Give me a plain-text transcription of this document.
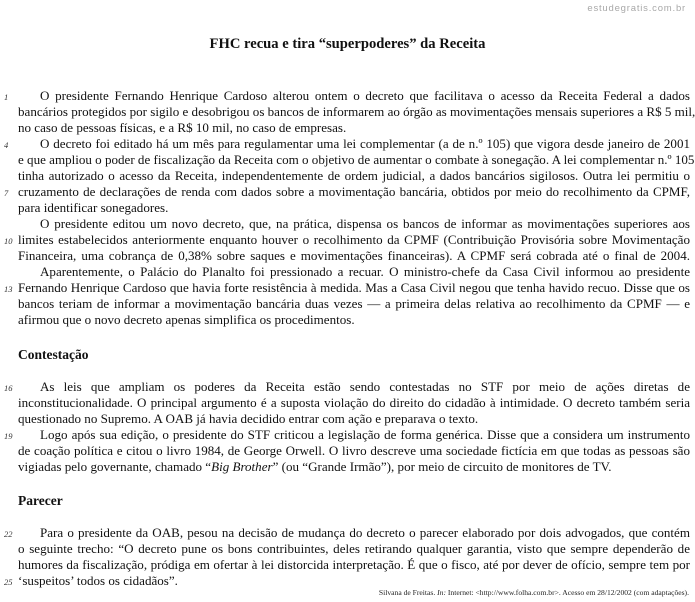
estudegratis.com.br
FHC recua e tira “superpoderes” da Receita
O presidente Fernando Henrique Cardoso alterou ontem o decreto que facilitava o acesso da Receita Federal a dados
bancários protegidos por sigilo e desobrigou os bancos de informarem ao órgão as movimentações mensais superiores a R$ 5 mil,
no caso de pessoas físicas, e a R$ 10 mil, no caso de empresas.
O decreto foi editado há um mês para regulamentar uma lei complementar (a de n.º 105) que vigora desde janeiro de 2001
e que ampliou o poder de fiscalização da Receita com o objetivo de aumentar o combate à sonegação. A lei complementar n.º 105
tinha autorizado o acesso da Receita, independentemente de ordem judicial, a dados bancários sigilosos. Outra lei permitiu o
cruzamento de declarações de renda com dados sobre a movimentação bancária, obtidos por meio do recolhimento da CPMF,
para identificar sonegadores.
O presidente editou um novo decreto, que, na prática, dispensa os bancos de informar as movimentações superiores aos
limites estabelecidos anteriormente enquanto houver o recolhimento da CPMF (Contribuição Provisória sobre Movimentação
Financeira, uma cobrança de 0,38% sobre saques e movimentações financeiras). A CPMF será cobrada até o final de 2004.
Aparentemente, o Palácio do Planalto foi pressionado a recuar. O ministro-chefe da Casa Civil informou ao presidente
Fernando Henrique Cardoso que havia forte resistência à medida. Mas a Casa Civil negou que tenha havido recuo. Disse que os
bancos teriam de informar a movimentação bancária duas vezes — a primeira delas relativa ao recolhimento da CPMF — e
afirmou que o novo decreto apenas simplifica os procedimentos.
Contestação
As leis que ampliam os poderes da Receita estão sendo contestadas no STF por meio de ações diretas de
inconstitucionalidade. O principal argumento é a suposta violação do direito do cidadão à intimidade. O decreto também seria
questionado no Supremo. A OAB já havia decidido entrar com ação e preparava o texto.
Logo após sua edição, o presidente do STF criticou a legislação de forma genérica. Disse que a considera um instrumento
de coação política e citou o livro 1984, de George Orwell. O livro descreve uma sociedade fictícia em que todas as pessoas são
vigiadas pelo governante, chamado “Big Brother” (ou “Grande Irmão”), por meio de circuito de monitores de TV.
Parecer
Para o presidente da OAB, pesou na decisão de mudança do decreto o parecer elaborado por dois advogados, que contém
o seguinte trecho: “O decreto pune os bons contribuintes, deles retirando qualquer garantia, visto que sempre dependerão de
humores da fiscalização, pródiga em ofertar à lei distorcida interpretação. É que o fisco, até por dever de ofício, sempre tem por
‘suspeitos’ todos os cidadãos”.
1
4
7
10
13
16
19
22
25
Silvana de Freitas. In: Internet: <http://www.folha.com.br>. Acesso em 28/12/2002 (com adaptações).
